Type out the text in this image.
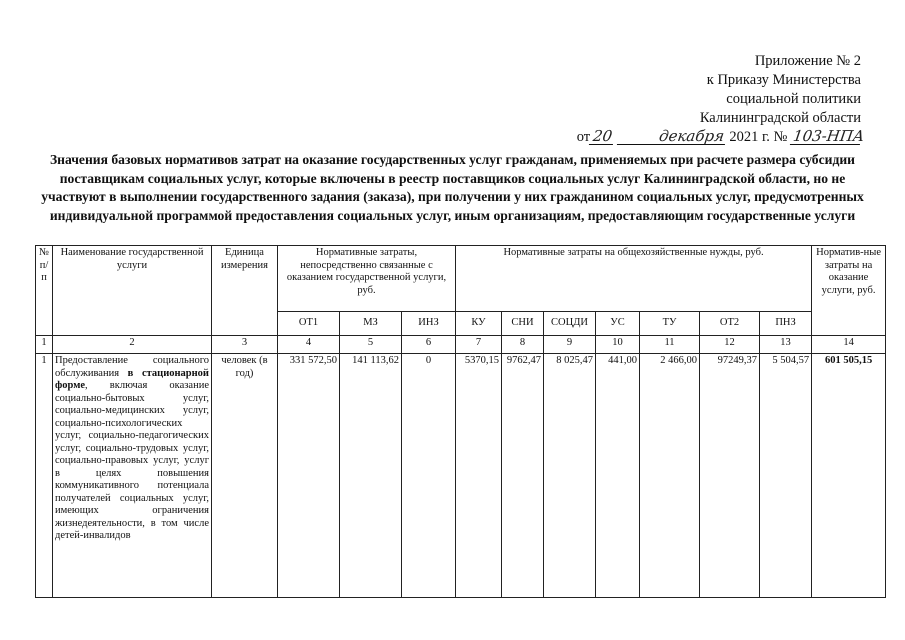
Приложение № 2
к Приказу Министерства
социальной политики
Калининградской области
от 20	декабря 2021 г. № 103-НПА
Значения базовых нормативов затрат на оказание государственных услуг гражданам, применяемых при расчете размера субсидии поставщикам социальных услуг, которые включены в реестр поставщиков социальных услуг Калининградской области, но не участвуют в выполнении государственного задания (заказа), при получении у них гражданином социальных услуг, предусмотренных индивидуальной программой предоставления социальных услуг, иным организациям, предоставляющим государственные услуги
№ п/п	Наименование государственной услуги	Единица измерения	Нормативные затраты, непосредственно связанные с оказанием государственной услуги, руб.			Нормативные затраты на общехозяйственные нужды, руб.							Норматив-ные затраты на оказание услуги, руб.
			ОТ1	МЗ	ИНЗ	КУ	СНИ	СОЦДИ	УС	ТУ	ОТ2	ПНЗ	
1	2	3	4	5	6	7	8	9	10	11	12	13	14
1	Предоставление социального обслуживания в стационарной форме, включая оказание социально-бытовых услуг, социально-медицинских услуг, социально-психологических услуг, социально-педагогических услуг, социально-трудовых услуг, социально-правовых услуг, услуг в целях повышения коммуникативного потенциала получателей социальных услуг, имеющих ограничения жизнедеятельности, в том числе детей-инвалидов	человек (в год)	331 572,50	141 113,62	0	5370,15	9762,47	8 025,47	441,00	2 466,00	97249,37	5 504,57	601 505,15
